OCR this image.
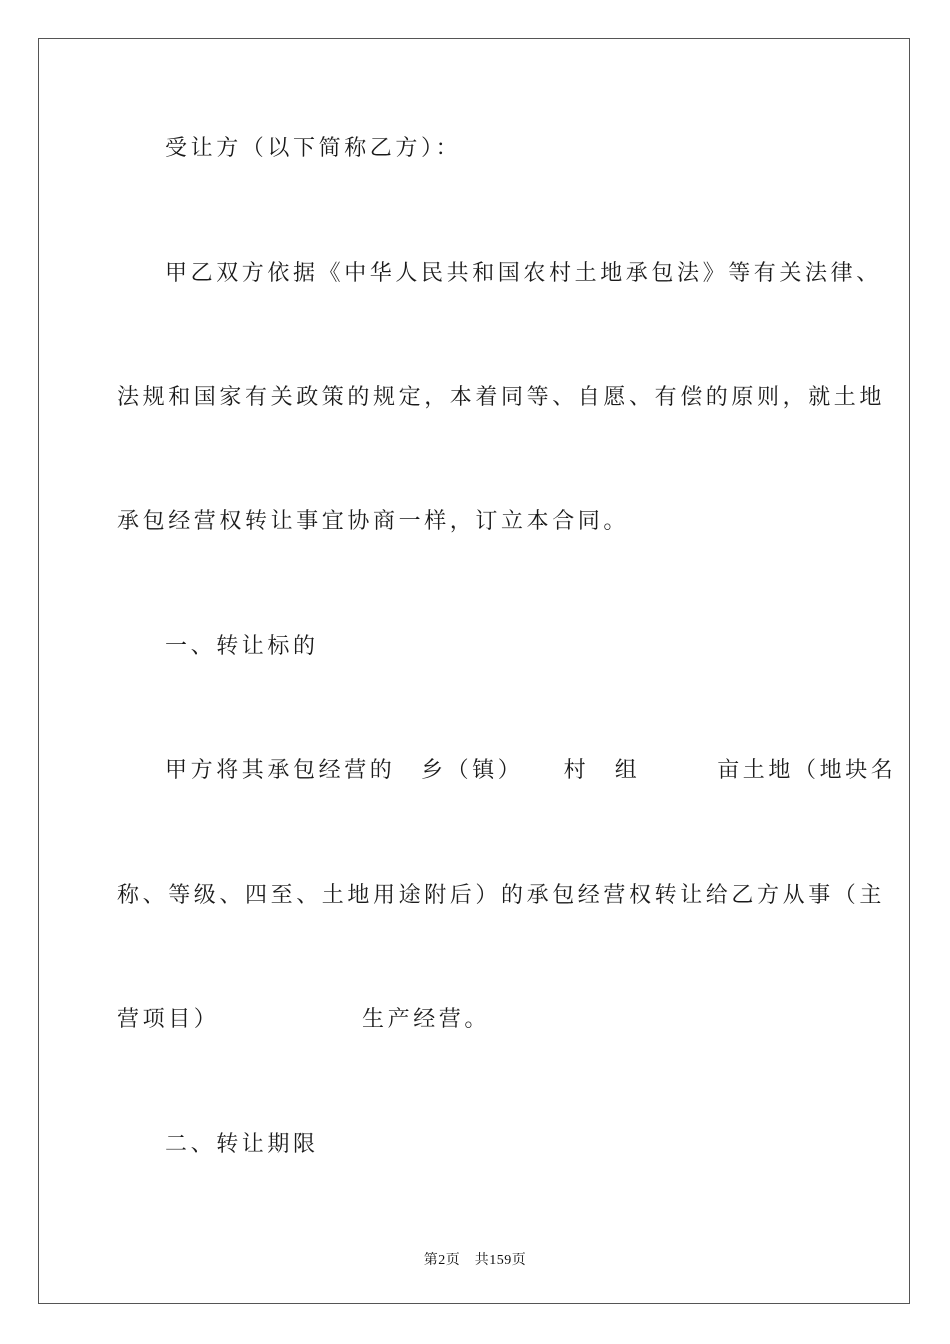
受让方（以下简称乙方）：
甲乙双方依据《中华人民共和国农村土地承包法》等有关法律、
法规和国家有关政策的规定，本着同等、自愿、有偿的原则，就土地
承包经营权转让事宜协商一样，订立本合同。
一、转让标的
甲方将其承包经营的　乡（镇）　　村　组　　　亩土地（地块名
称、等级、四至、土地用途附后）的承包经营权转让给乙方从事（主
营项目）　　　　　　生产经营。
二、转让期限
第2页　共159页
